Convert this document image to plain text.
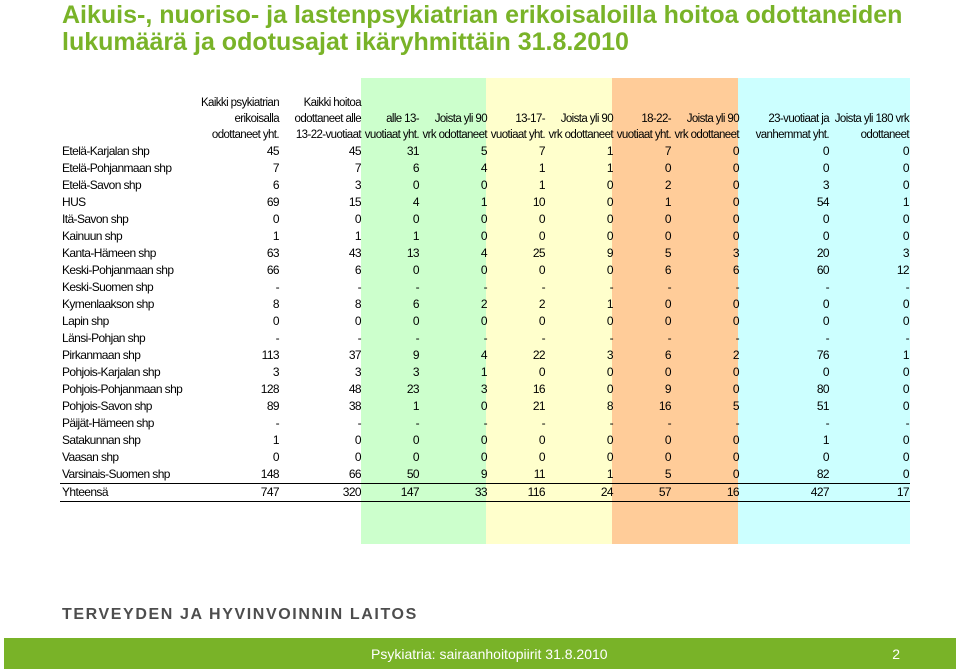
Aikuis-, nuoriso- ja lastenpsykiatrian erikoisaloilla hoitoa odottaneiden lukumäärä ja odotusajat ikäryhmittäin 31.8.2010
	Kaikki psykiatrian erikoisalla odottaneet yht.	Kaikki hoitoa odottaneet alle 13-22-vuotiaat	alle 13-vuotiaat yht.	Joista yli 90 vrk odottaneet	13-17-vuotiaat yht.	Joista yli 90 vrk odottaneet	18-22-vuotiaat yht.	Joista yli 90 vrk odottaneet	23-vuotiaat ja vanhemmat yht.	Joista yli 180 vrk odottaneet
Etelä-Karjalan shp	45	45	31	5	7	1	7	0	0	0
Etelä-Pohjanmaan shp	7	7	6	4	1	1	0	0	0	0
Etelä-Savon shp	6	3	0	0	1	0	2	0	3	0
HUS	69	15	4	1	10	0	1	0	54	1
Itä-Savon shp	0	0	0	0	0	0	0	0	0	0
Kainuun shp	1	1	1	0	0	0	0	0	0	0
Kanta-Hämeen shp	63	43	13	4	25	9	5	3	20	3
Keski-Pohjanmaan shp	66	6	0	0	0	0	6	6	60	12
Keski-Suomen shp	-	-	-	-	-	-	-	-	-	-
Kymenlaakson shp	8	8	6	2	2	1	0	0	0	0
Lapin shp	0	0	0	0	0	0	0	0	0	0
Länsi-Pohjan shp	-	-	-	-	-	-	-	-	-	-
Pirkanmaan shp	113	37	9	4	22	3	6	2	76	1
Pohjois-Karjalan shp	3	3	3	1	0	0	0	0	0	0
Pohjois-Pohjanmaan shp	128	48	23	3	16	0	9	0	80	0
Pohjois-Savon shp	89	38	1	0	21	8	16	5	51	0
Päijät-Hämeen shp	-	-	-	-	-	-	-	-	-	-
Satakunnan shp	1	0	0	0	0	0	0	0	1	0
Vaasan shp	0	0	0	0	0	0	0	0	0	0
Varsinais-Suomen shp	148	66	50	9	11	1	5	0	82	0
Yhteensä	747	320	147	33	116	24	57	16	427	17
TERVEYDEN JA HYVINVOINNIN LAITOS
Psykiatria: sairaanhoitopiirit 31.8.2010	2
